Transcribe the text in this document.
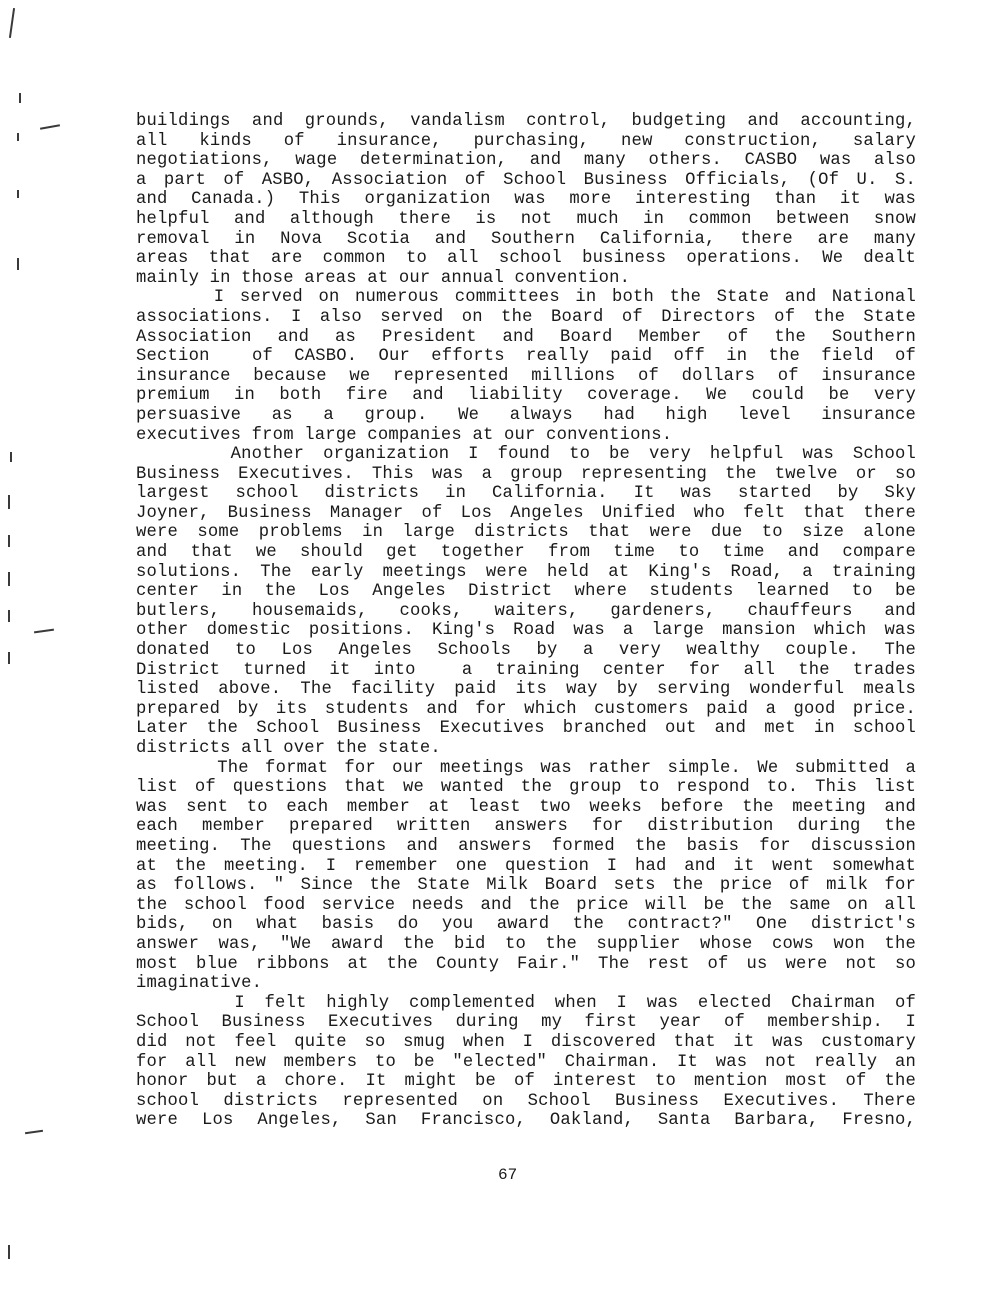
buildings and grounds, vandalism control, budgeting and accounting,
all kinds of insurance, purchasing, new construction, salary
negotiations, wage determination, and many others. CASBO was also
a part of ASBO, Association of School Business Officials, (Of U. S.
and Canada.) This organization was more interesting than it was
helpful and although there is not much in common between snow
removal in Nova Scotia and Southern California, there are many
areas that are common to all school business operations. We dealt
mainly in those areas at our annual convention.
I served on numerous committees in both the State and National
associations. I also served on the Board of Directors of the State
Association and as President and Board Member of the Southern
Section  of CASBO. Our efforts really paid off in the field of
insurance because we represented millions of dollars of insurance
premium in both fire and liability coverage. We could be very
persuasive  as  a  group.  We  always  had  high  level  insurance
executives from large companies at our conventions.
Another organization I found to be very helpful was School
Business Executives. This was a group representing the twelve or so
largest school districts in California. It was started by Sky
Joyner, Business Manager of Los Angeles Unified who felt that there
were some problems in large districts that were due to size alone
and that we should get together from time to time and compare
solutions. The early meetings were held at King's Road, a training
center in the Los Angeles District where students learned to be
butlers, housemaids, cooks, waiters, gardeners, chauffeurs and
other domestic positions. King's Road was a large mansion which was
donated to Los Angeles Schools by a very wealthy couple. The
District turned it into  a training center for all the trades
listed above. The facility paid its way by serving wonderful meals
prepared by its students and for which customers paid a good price.
Later the School Business Executives branched out and met in school
districts all over the state.
The format for our meetings was rather simple. We submitted a
list of questions that we wanted the group to respond to. This list
was sent to each member at least two weeks before the meeting and
each member prepared written answers for distribution during the
meeting. The questions and answers formed the basis for discussion
at the meeting. I remember one question I had and it went somewhat
as follows. " Since the State Milk Board sets the price of milk for
the school food service needs and the price will be the same on all
bids, on what basis do you award the contract?" One district's
answer was, "We award the bid to the supplier whose cows won the
most blue ribbons at the County Fair." The rest of us were not so
imaginative.
I felt highly complemented when I was elected Chairman of
School Business Executives during my first year of membership. I
did not feel quite so smug when I discovered that it was customary
for all new members to be "elected" Chairman. It was not really an
honor but a chore. It might be of interest to mention most of the
school districts represented on School Business Executives. There
were Los Angeles, San Francisco, Oakland, Santa Barbara, Fresno,
67
